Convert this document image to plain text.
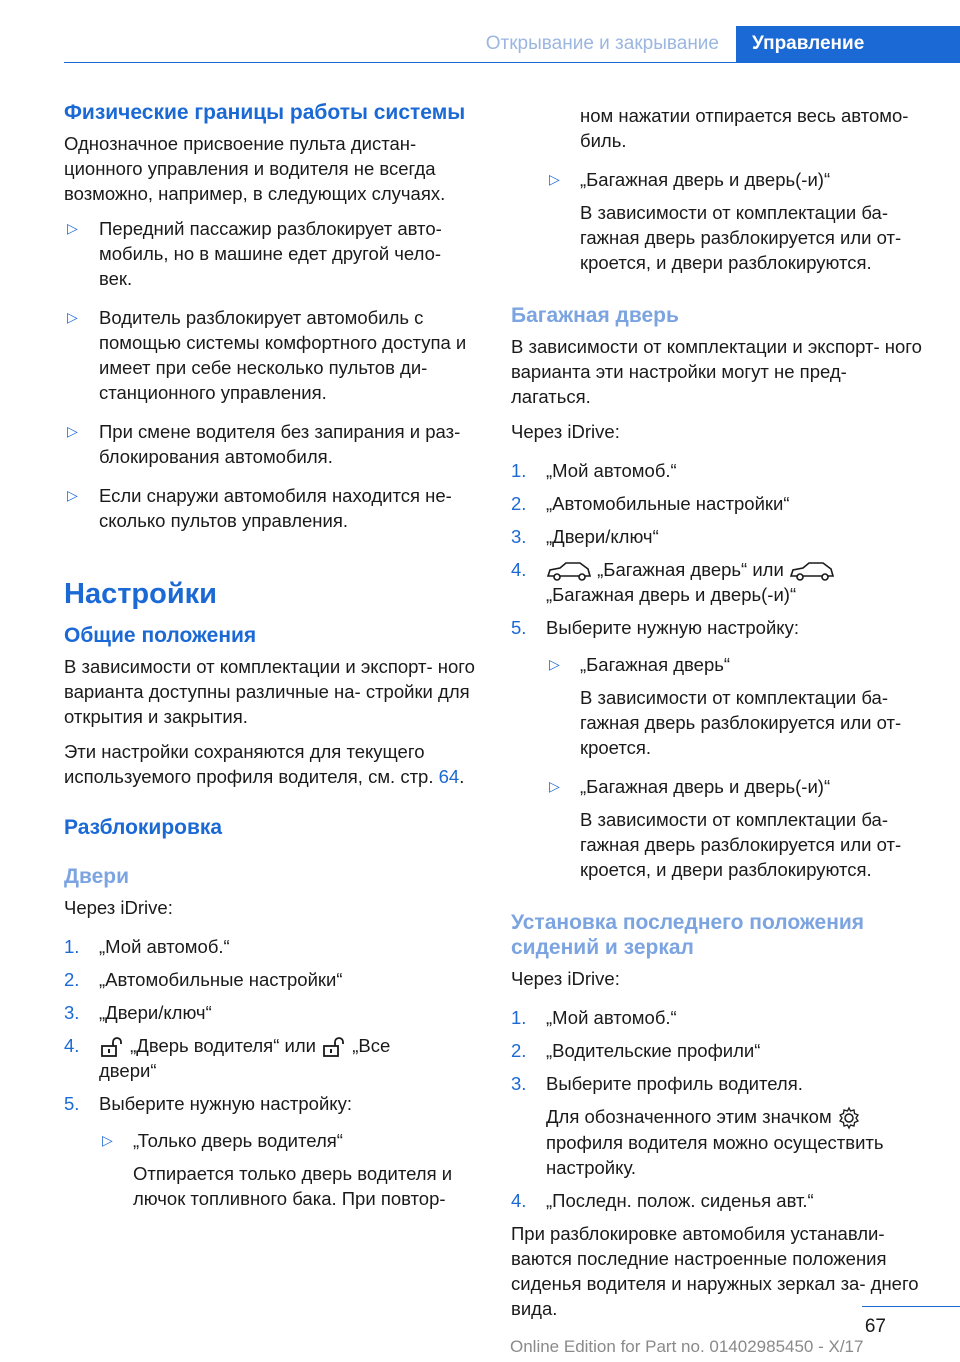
Открывание и закрывание	Управление
Физические границы работы системы
Однозначное присвоение пульта дистан- ционного управления и водителя не всегда возможно, например, в следующих случаях.
▷ Передний пассажир разблокирует авто- мобиль, но в машине едет другой чело- век.
▷ Водитель разблокирует автомобиль с помощью системы комфортного доступа и имеет при себе несколько пультов ди- станционного управления.
▷ При смене водителя без запирания и раз- блокирования автомобиля.
▷ Если снаружи автомобиля находится не- сколько пультов управления.
Настройки
Общие положения
В зависимости от комплектации и экспорт- ного варианта доступны различные на- стройки для открытия и закрытия.
Эти настройки сохраняются для текущего используемого профиля водителя, см. стр. 64.
Разблокировка
Двери
Через iDrive:
1. „Мой автомоб.“
2. „Автомобильные настройки“
3. „Двери/ключ“
4.	„Дверь водителя“ или „Все
двери“
5. Выберите нужную настройку:
▷ „Только дверь водителя“
Отпирается только дверь водителя и лючок топливного бака. При повтор-
ном нажатии отпирается весь автомо- биль.
▷ „Багажная дверь и дверь(-и)“
В зависимости от комплектации ба- гажная дверь разблокируется или от- кроется, и двери разблокируются.
Багажная дверь
В зависимости от комплектации и экспорт- ного варианта эти настройки могут не пред- лагаться.
Через iDrive:
1. „Мой автомоб.“
2. „Автомобильные настройки“
3. „Двери/ключ“
4.	„Багажная дверь“ или
„Багажная дверь и дверь(-и)“
5. Выберите нужную настройку:
▷ „Багажная дверь“
В зависимости от комплектации ба- гажная дверь разблокируется или от- кроется.
▷ „Багажная дверь и дверь(-и)“
В зависимости от комплектации ба- гажная дверь разблокируется или от- кроется, и двери разблокируются.
Установка последнего положения сидений и зеркал
Через iDrive:
1. „Мой автомоб.“
2. „Водительские профили“
3. Выберите профиль водителя.
Для обозначенного этим значком
профиля водителя можно осуществить настройку.
4. „Последн. полож. сиденья авт.“
При разблокировке автомобиля устанавли- ваются последние настроенные положения сиденья водителя и наружных зеркал за- днего вида.
67
Online Edition for Part no. 01402985450 - X/17
